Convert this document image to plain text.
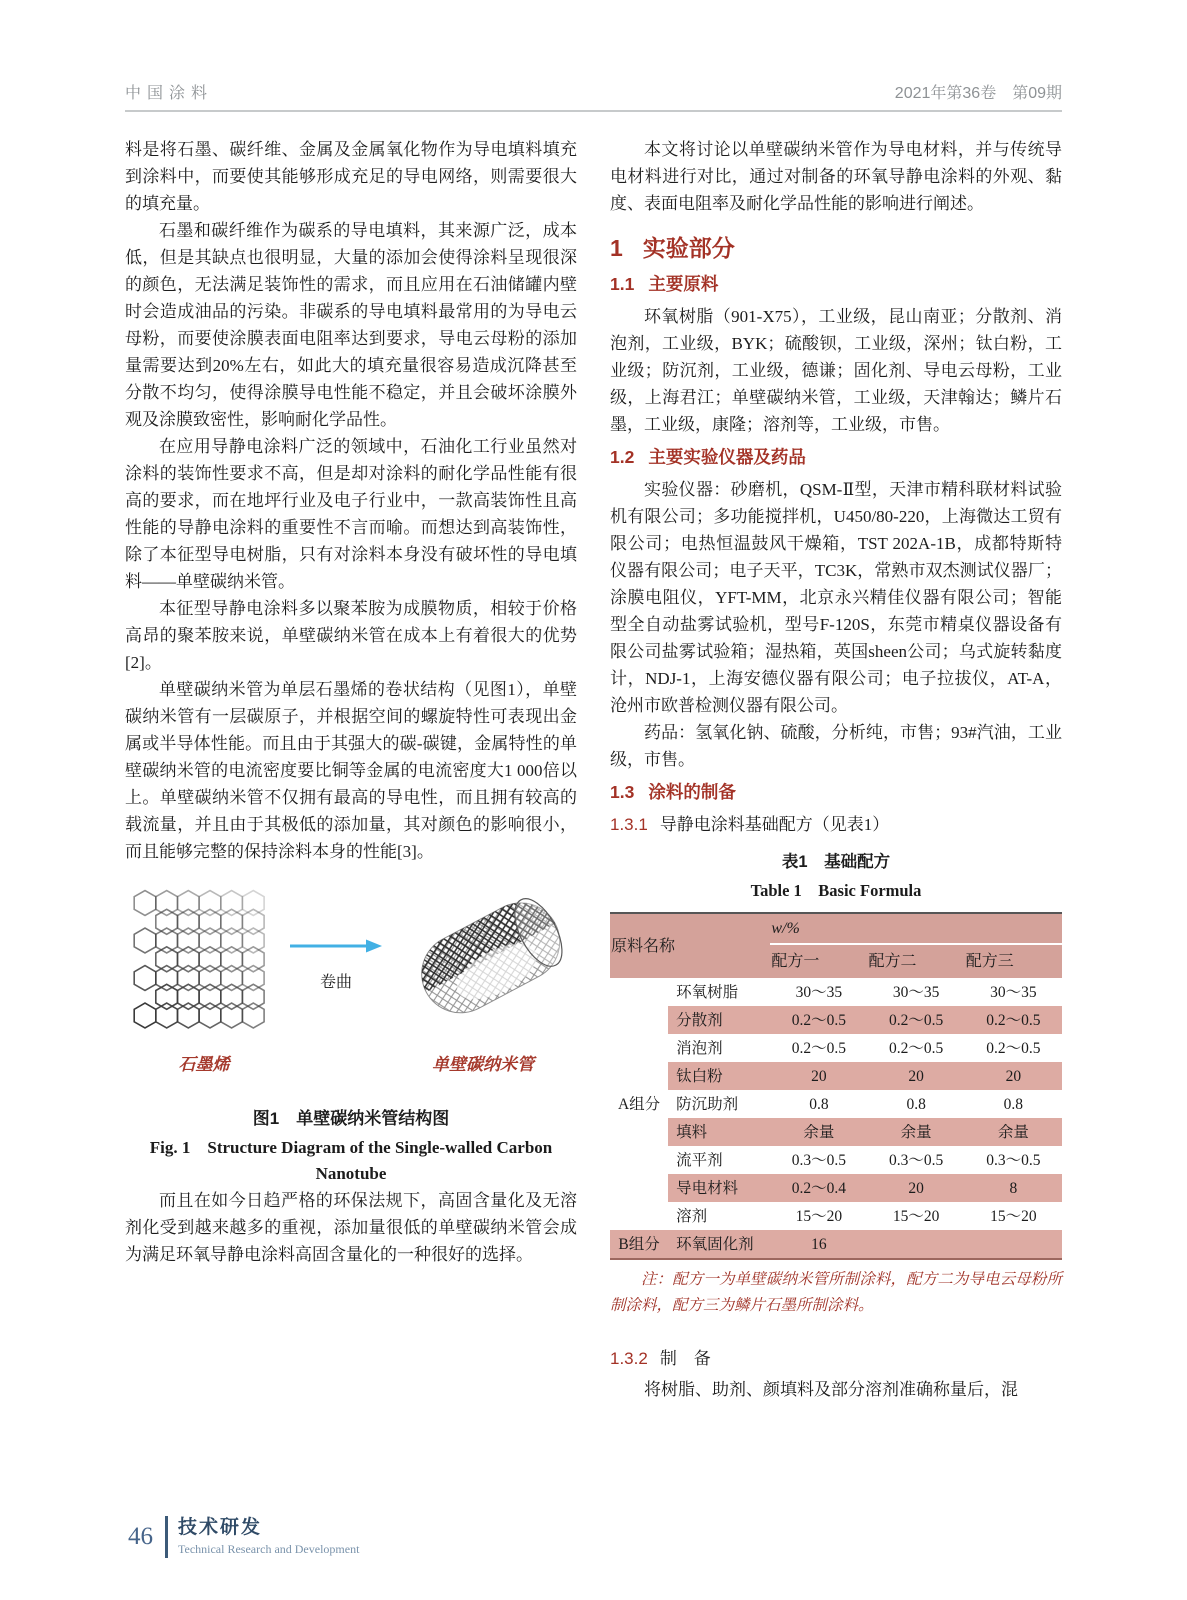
中国涂料	2021年第36卷　第09期

料是将石墨、碳纤维、金属及金属氧化物作为导电填料填充到涂料中，而要使其能够形成充足的导电网络，则需要很大的填充量。

石墨和碳纤维作为碳系的导电填料，其来源广泛，成本低，但是其缺点也很明显，大量的添加会使得涂料呈现很深的颜色，无法满足装饰性的需求，而且应用在石油储罐内壁时会造成油品的污染。非碳系的导电填料最常用的为导电云母粉，而要使涂膜表面电阻率达到要求，导电云母粉的添加量需要达到20%左右，如此大的填充量很容易造成沉降甚至分散不均匀，使得涂膜导电性能不稳定，并且会破坏涂膜外观及涂膜致密性，影响耐化学品性。

在应用导静电涂料广泛的领域中，石油化工行业虽然对涂料的装饰性要求不高，但是却对涂料的耐化学品性能有很高的要求，而在地坪行业及电子行业中，一款高装饰性且高性能的导静电涂料的重要性不言而喻。而想达到高装饰性，除了本征型导电树脂，只有对涂料本身没有破坏性的导电填料——单壁碳纳米管。

本征型导静电涂料多以聚苯胺为成膜物质，相较于价格高昂的聚苯胺来说，单壁碳纳米管在成本上有着很大的优势[2]。

单壁碳纳米管为单层石墨烯的卷状结构（见图1），单壁碳纳米管有一层碳原子，并根据空间的螺旋特性可表现出金属或半导体性能。而且由于其强大的碳-碳键，金属特性的单壁碳纳米管的电流密度要比铜等金属的电流密度大1 000倍以上。单壁碳纳米管不仅拥有最高的导电性，而且拥有较高的载流量，并且由于其极低的添加量，其对颜色的影响很小，而且能够完整的保持涂料本身的性能[3]。

卷曲
石墨烯	单壁碳纳米管
图1　单壁碳纳米管结构图
Fig. 1　Structure Diagram of the Single-walled Carbon Nanotube

而且在如今日趋严格的环保法规下，高固含量化及无溶剂化受到越来越多的重视，添加量很低的单壁碳纳米管会成为满足环氧导静电涂料高固含量化的一种很好的选择。

本文将讨论以单壁碳纳米管作为导电材料，并与传统导电材料进行对比，通过对制备的环氧导静电涂料的外观、黏度、表面电阻率及耐化学品性能的影响进行阐述。

1 实验部分
1.1 主要原料

环氧树脂（901-X75），工业级，昆山南亚；分散剂、消泡剂，工业级，BYK；硫酸钡，工业级，深州；钛白粉，工业级；防沉剂，工业级，德谦；固化剂、导电云母粉，工业级，上海君江；单壁碳纳米管，工业级，天津翰达；鳞片石墨，工业级，康隆；溶剂等，工业级，市售。

1.2 主要实验仪器及药品

实验仪器：砂磨机，QSM-Ⅱ型，天津市精科联材料试验机有限公司；多功能搅拌机，U450/80-220，上海微达工贸有限公司；电热恒温鼓风干燥箱，TST 202A-1B，成都特斯特仪器有限公司；电子天平，TC3K，常熟市双杰测试仪器厂；涂膜电阻仪，YFT-MM，北京永兴精佳仪器有限公司；智能型全自动盐雾试验机，型号F-120S，东莞市精桌仪器设备有限公司盐雾试验箱；湿热箱，英国sheen公司；乌式旋转黏度计，NDJ-1，上海安德仪器有限公司；电子拉拔仪，AT-A，沧州市欧普检测仪器有限公司。

药品：氢氧化钠、硫酸，分析纯，市售；93#汽油，工业级，市售。

1.3 涂料的制备
1.3.1 导静电涂料基础配方（见表1）
表1　基础配方
Table 1　Basic Formula
原料名称		w/%		
		配方一	配方二	配方三
A组分	环氧树脂	30～35	30～35	30～35
	分散剂	0.2～0.5	0.2～0.5	0.2～0.5
	消泡剂	0.2～0.5	0.2～0.5	0.2～0.5
	钛白粉	20	20	20
	防沉助剂	0.8	0.8	0.8
	填料	余量	余量	余量
	流平剂	0.3～0.5	0.3～0.5	0.3～0.5
	导电材料	0.2～0.4	20	8
	溶剂	15～20	15～20	15～20
B组分	环氧固化剂	16		

注：配方一为单壁碳纳米管所制涂料，配方二为导电云母粉所制涂料，配方三为鳞片石墨所制涂料。

1.3.2 制　备

将树脂、助剂、颜填料及部分溶剂准确称量后，混

46 技术研发
Technical Research and Development
